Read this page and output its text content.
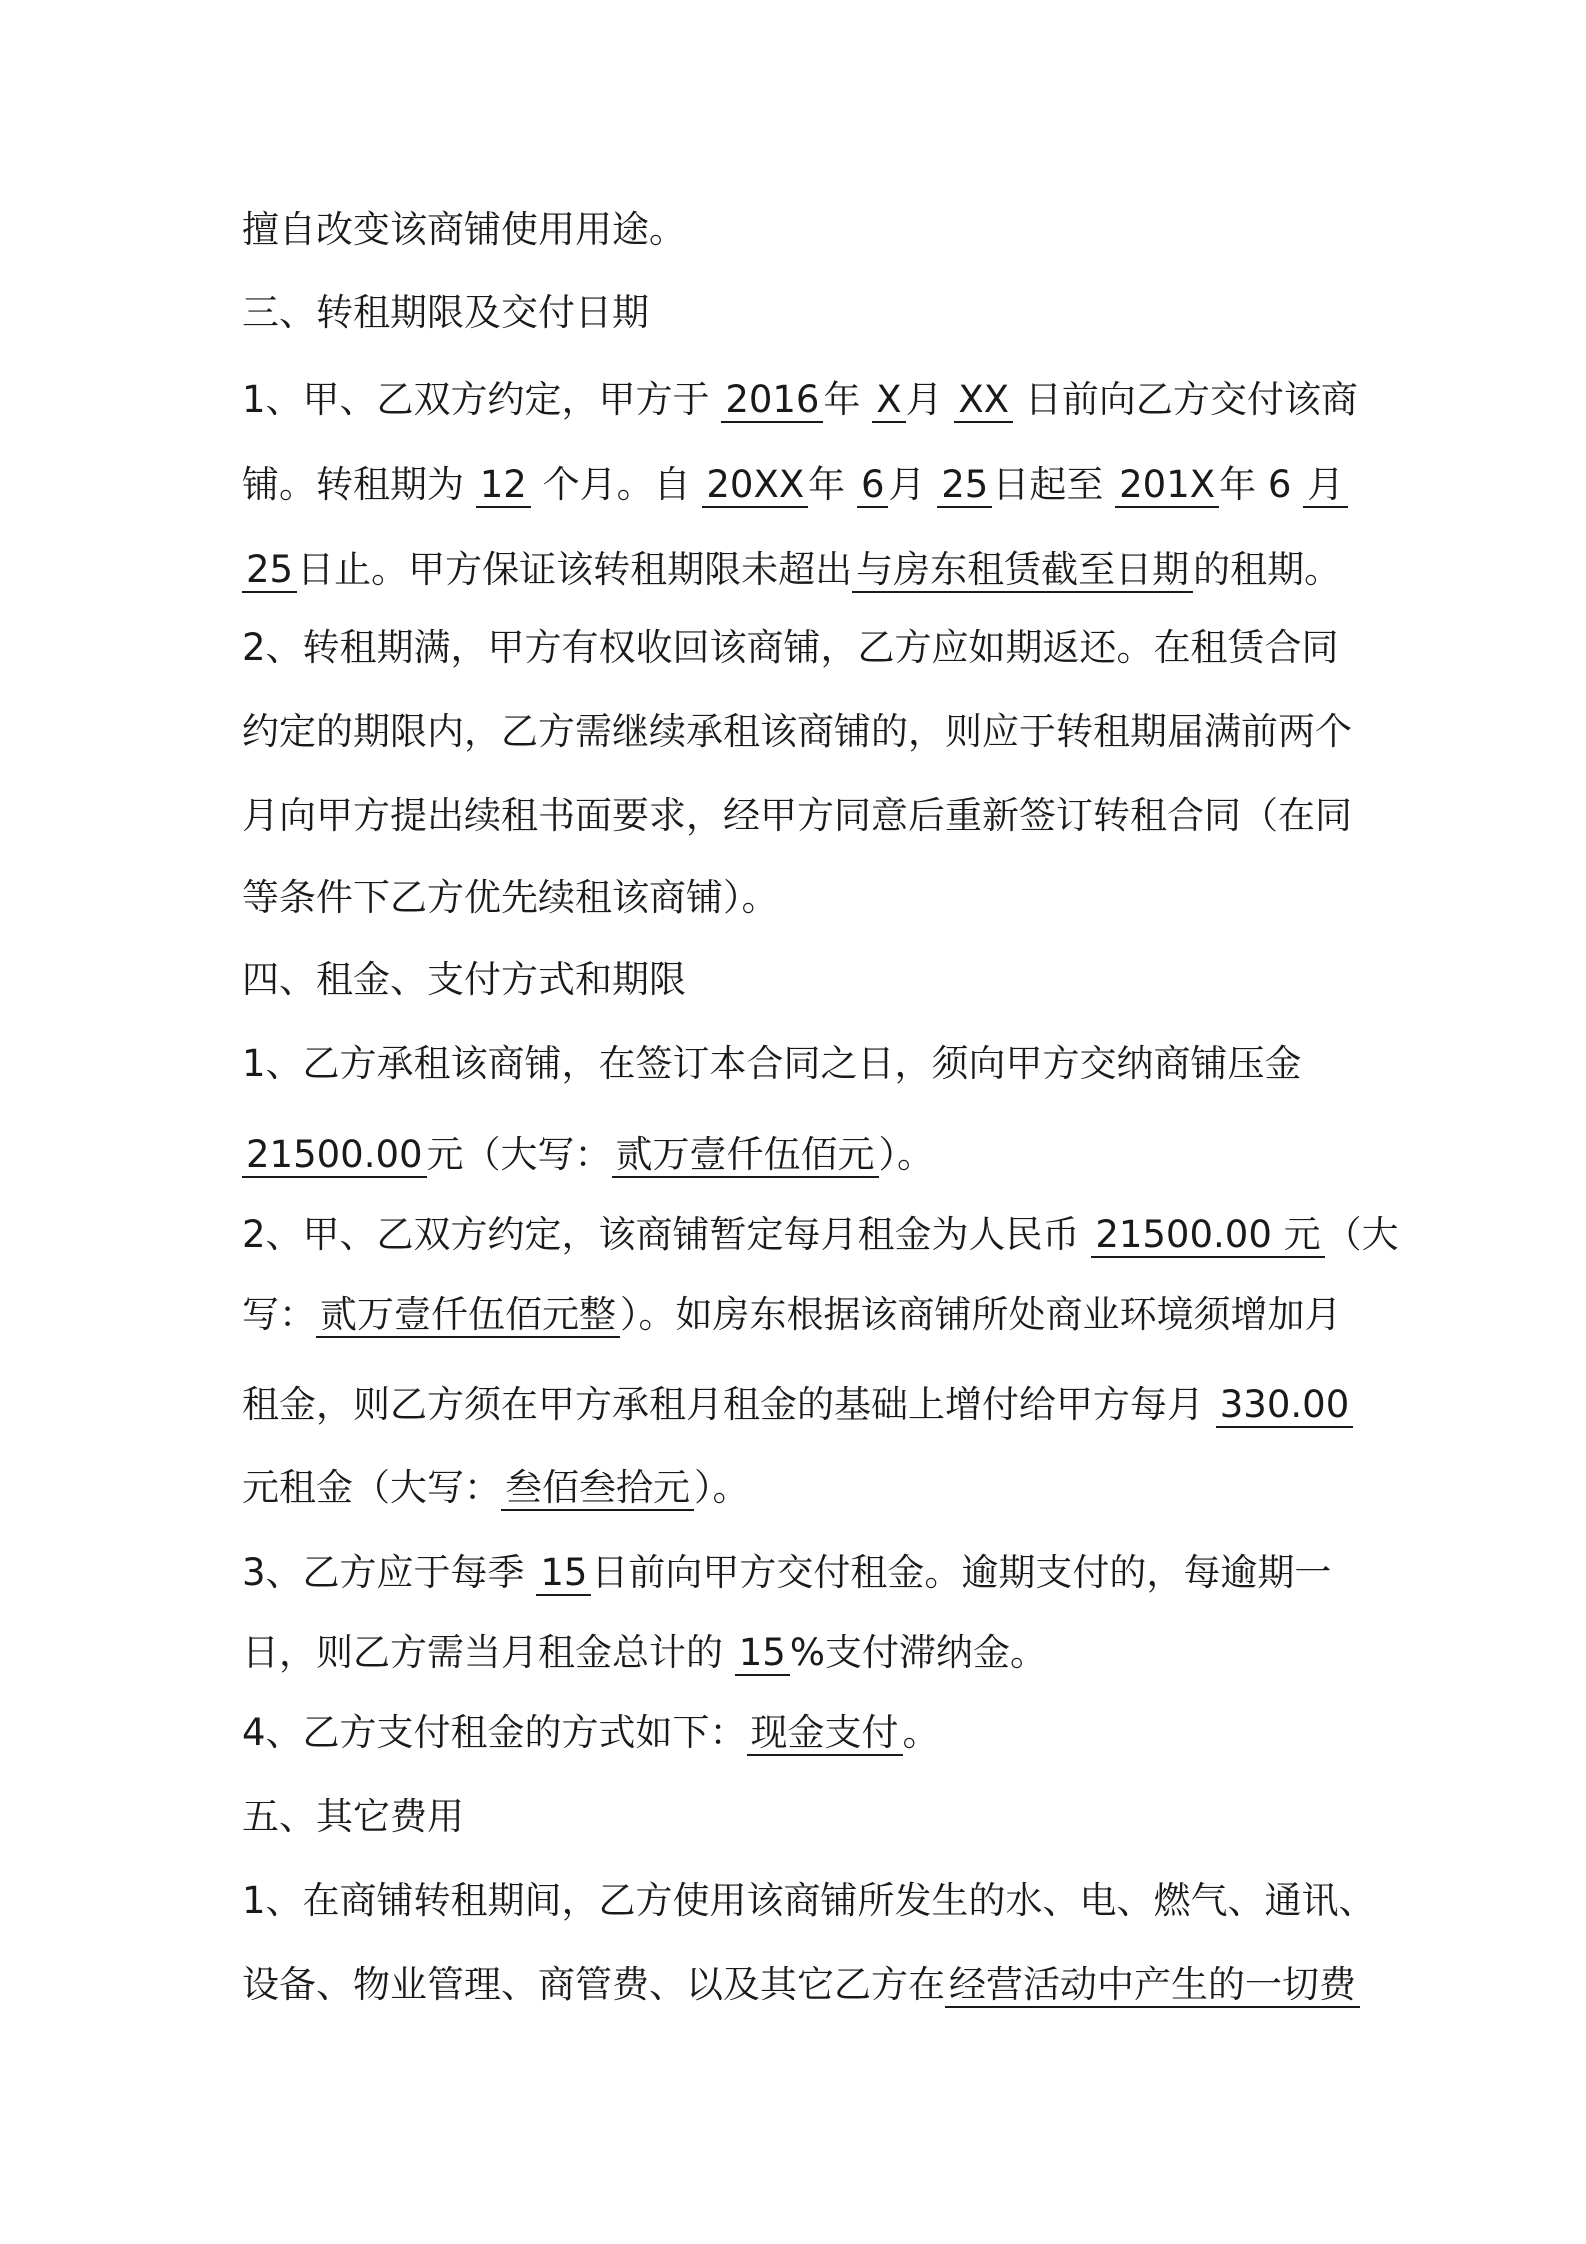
擅自改变该商铺使用用途。
三、转租期限及交付日期
1、甲、乙双方约定，甲方于 2016 年 X 月 XX 日前向乙方交付该商
铺。转租期为 12 个月。自 20XX 年 6 月 25 日起至 201X 年 6 月
25 日止。甲方保证该转租期限未超出 与房东租赁截至日期 的租期。
2、转租期满，甲方有权收回该商铺，乙方应如期返还。在租赁合同
约定的期限内，乙方需继续承租该商铺的，则应于转租期届满前两个
月向甲方提出续租书面要求，经甲方同意后重新签订转租合同（在同
等条件下乙方优先续租该商铺）。
四、租金、支付方式和期限
1、乙方承租该商铺，在签订本合同之日，须向甲方交纳商铺压金
21500.00 元（大写： 贰万壹仟伍佰元 ）。
2、甲、乙双方约定，该商铺暂定每月租金为人民币 21500.00 元 （大
写： 贰万壹仟伍佰元整 ）。如房东根据该商铺所处商业环境须增加月
租金，则乙方须在甲方承租月租金的基础上增付给甲方每月 330.00
元租金（大写： 叁佰叁拾元 ）。
3、乙方应于每季 15 日前向甲方交付租金。逾期支付的，每逾期一
日，则乙方需当月租金总计的 15 %支付滞纳金。
4、乙方支付租金的方式如下： 现金支付 。
五、其它费用
1、在商铺转租期间，乙方使用该商铺所发生的水、电、燃气、通讯、
设备、物业管理、商管费、以及其它乙方在 经营活动中产生的一切费
